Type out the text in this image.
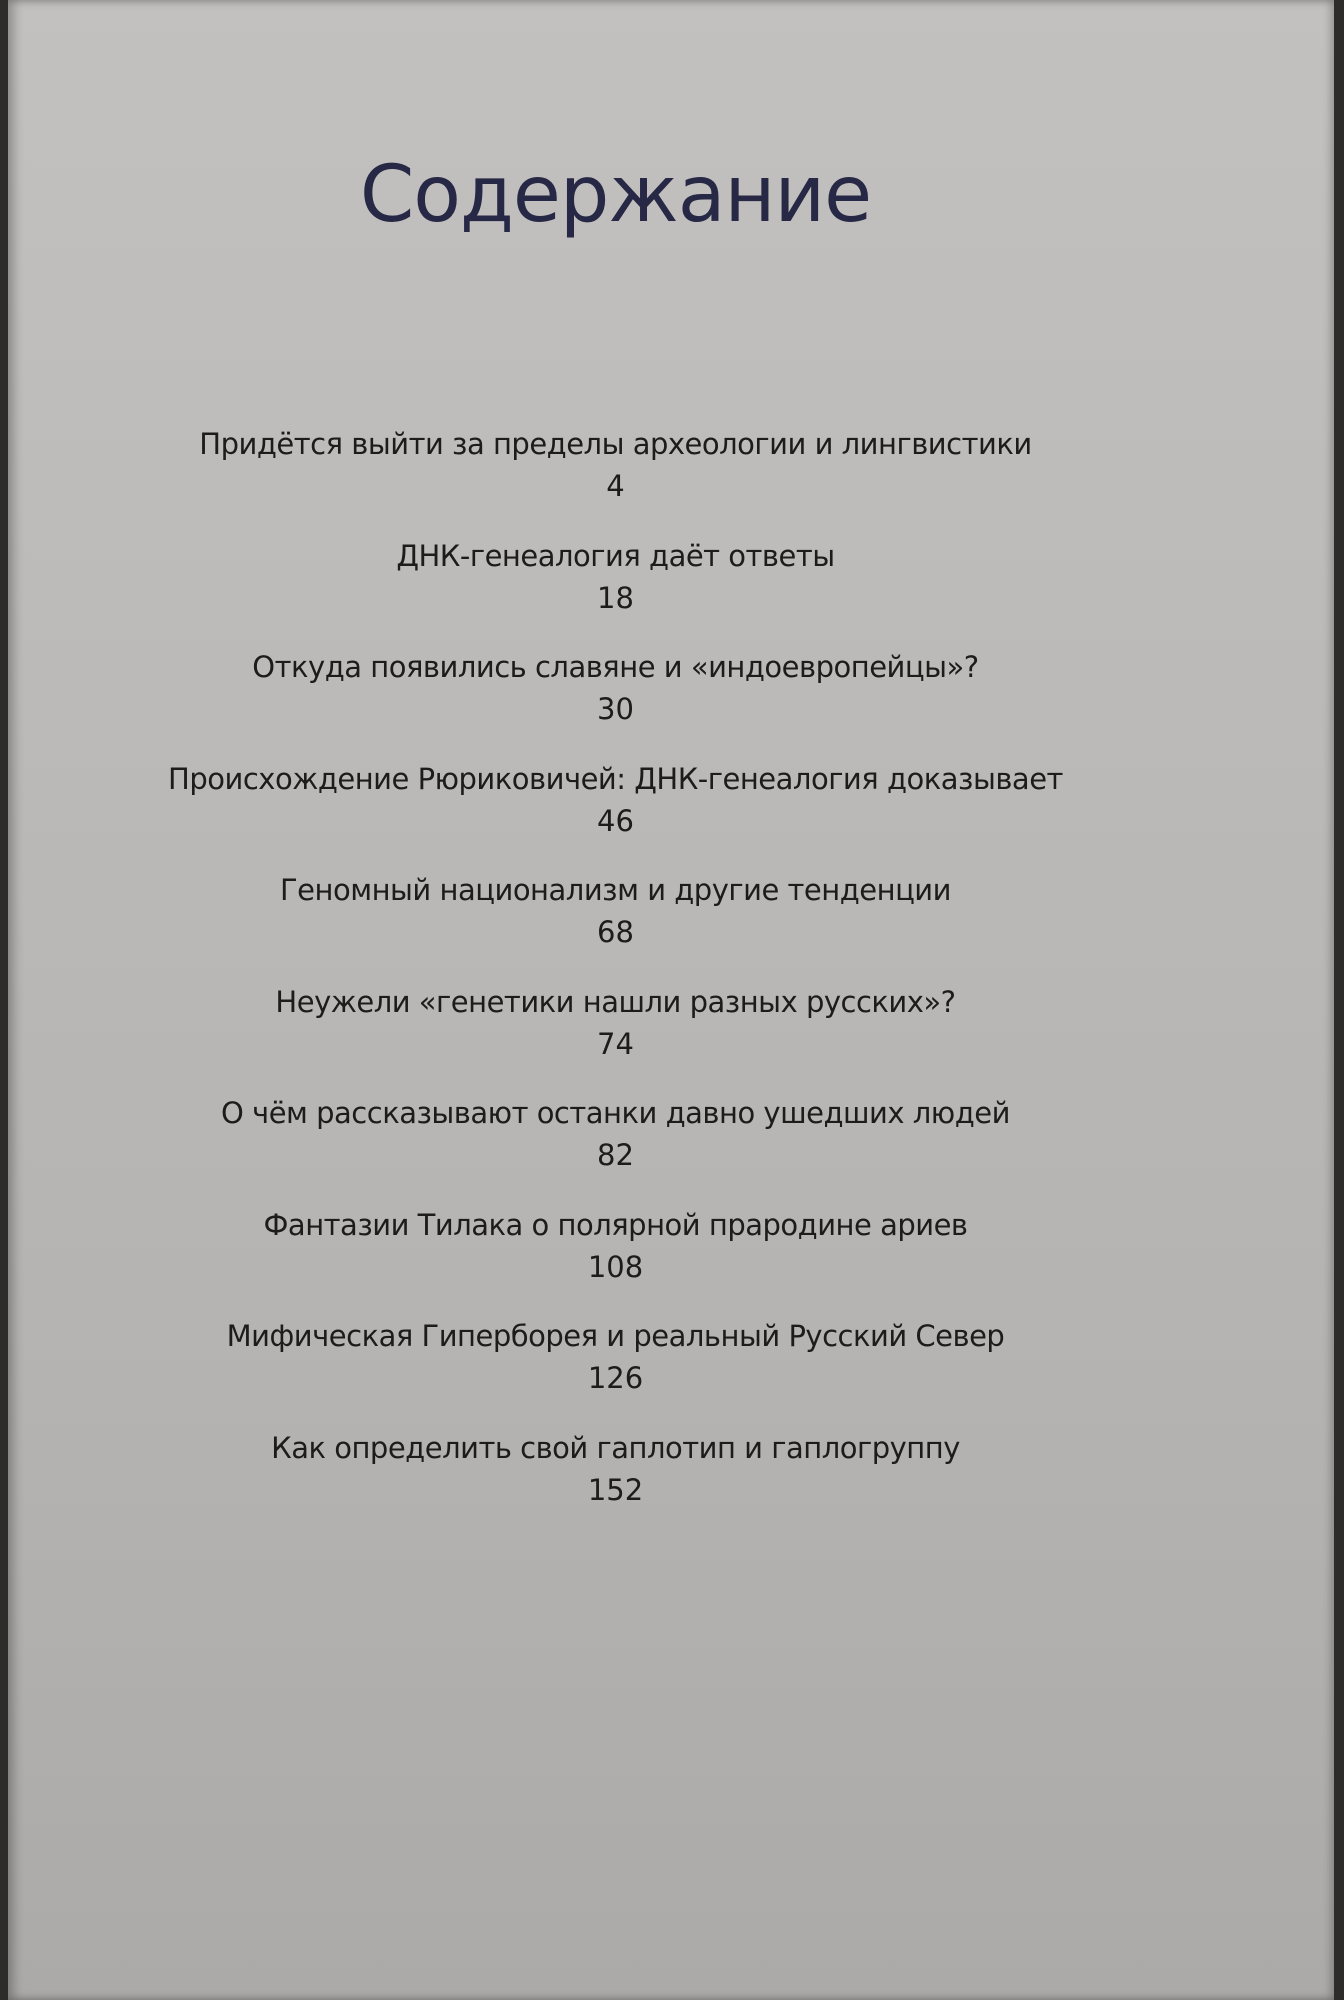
Содержание
Придётся выйти за пределы археологии и лингвистики
4
ДНК-генеалогия даёт ответы
18
Откуда появились славяне и «индоевропейцы»?
30
Происхождение Рюриковичей: ДНК-генеалогия доказывает
46
Геномный национализм и другие тенденции
68
Неужели «генетики нашли разных русских»?
74
О чём рассказывают останки давно ушедших людей
82
Фантазии Тилака о полярной прародине ариев
108
Мифическая Гиперборея и реальный Русский Север
126
Как определить свой гаплотип и гаплогруппу
152
